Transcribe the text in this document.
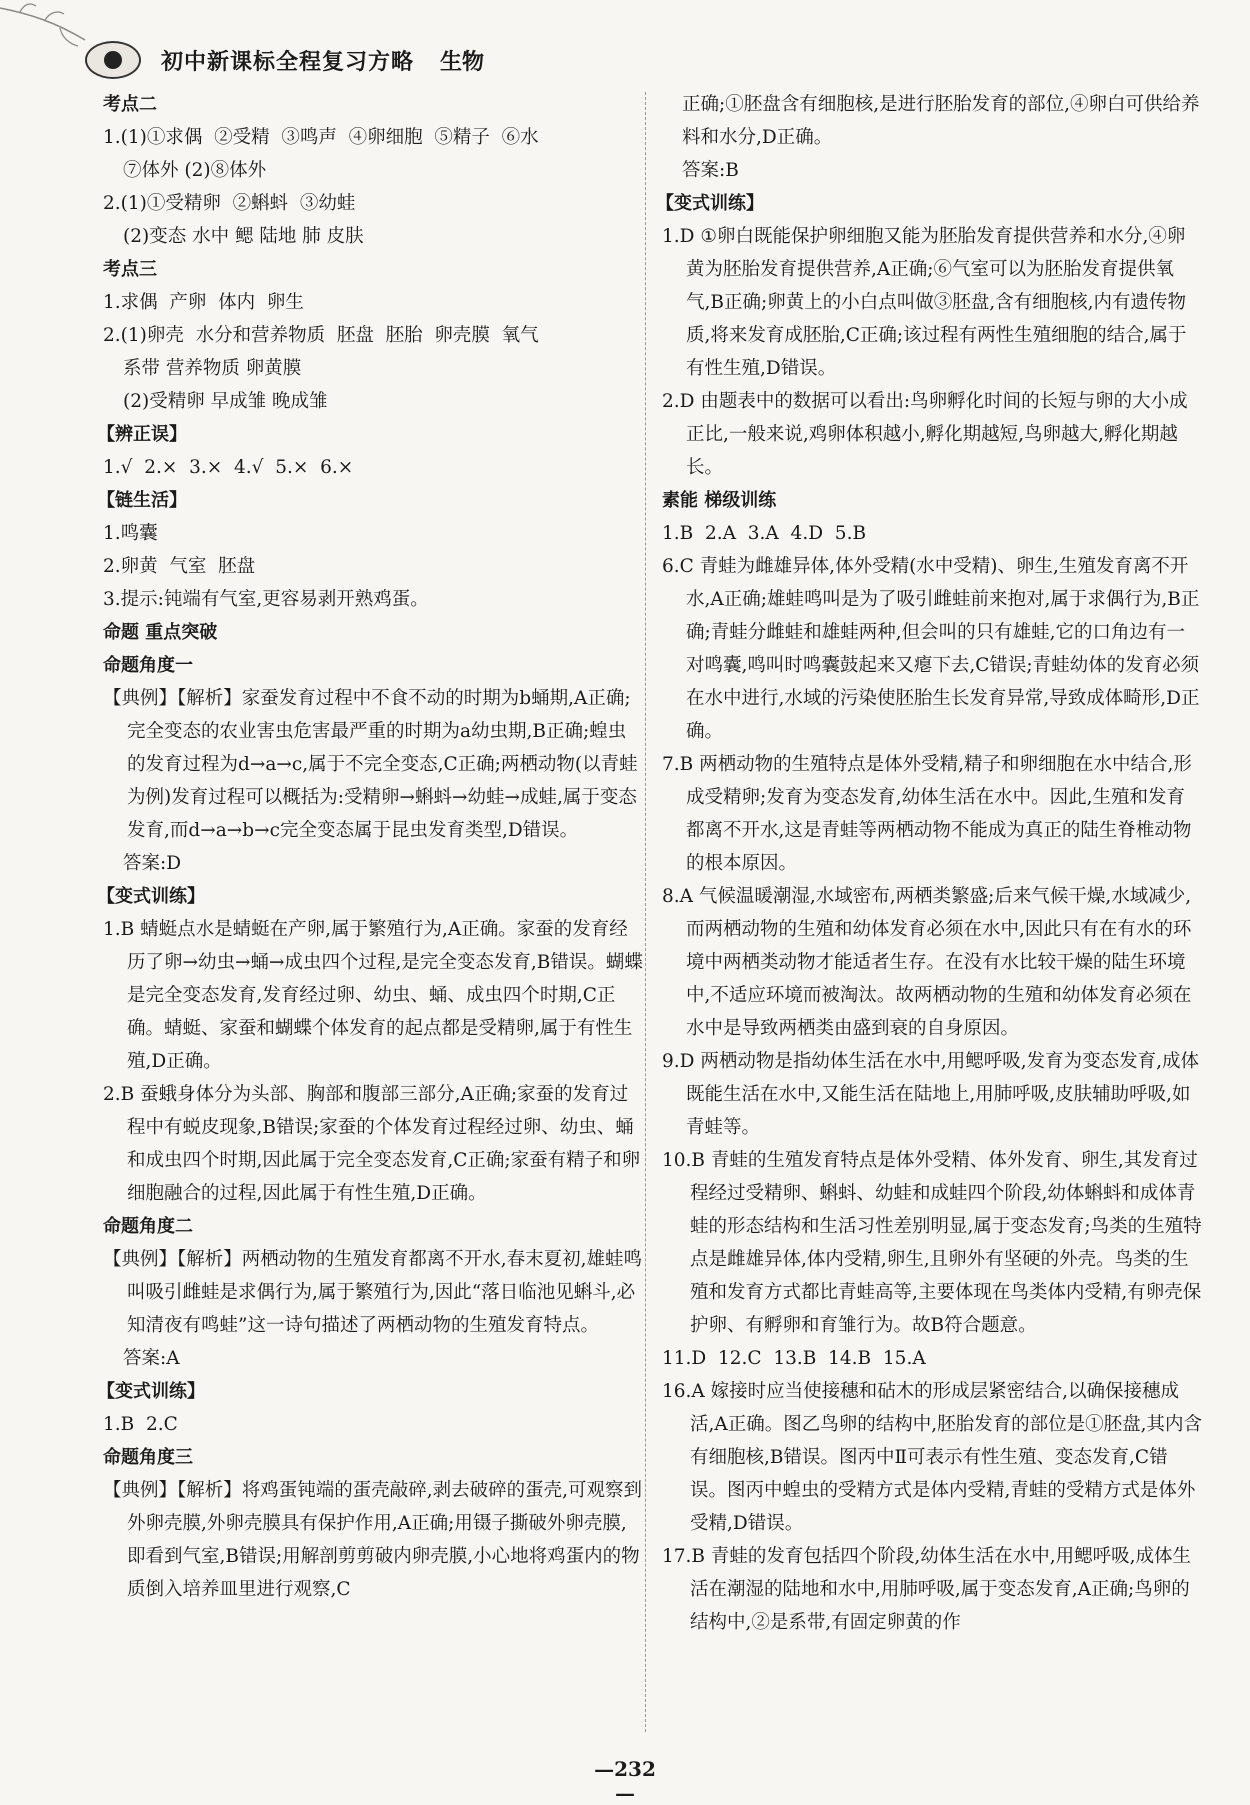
初中新课标全程复习方略 生物
考点二
1.(1)①求偶  ②受精  ③鸣声  ④卵细胞  ⑤精子  ⑥水
⑦体外 (2)⑧体外
2.(1)①受精卵  ②蝌蚪  ③幼蛙
(2)变态 水中 鳃 陆地 肺 皮肤
考点三
1.求偶  产卵  体内  卵生
2.(1)卵壳  水分和营养物质  胚盘  胚胎  卵壳膜  氧气
系带 营养物质 卵黄膜
(2)受精卵 早成雏 晚成雏
【辨正误】
1.√  2.×  3.×  4.√  5.×  6.×
【链生活】
1.鸣囊
2.卵黄  气室  胚盘
3.提示:钝端有气室,更容易剥开熟鸡蛋。
命题 重点突破
命题角度一
【典例】【解析】家蚕发育过程中不食不动的时期为b蛹期,A正确;完全变态的农业害虫危害最严重的时期为a幼虫期,B正确;蝗虫的发育过程为d→a→c,属于不完全变态,C正确;两栖动物(以青蛙为例)发育过程可以概括为:受精卵→蝌蚪→幼蛙→成蛙,属于变态发育,而d→a→b→c完全变态属于昆虫发育类型,D错误。
答案:D
【变式训练】
1.B 蜻蜓点水是蜻蜓在产卵,属于繁殖行为,A正确。家蚕的发育经历了卵→幼虫→蛹→成虫四个过程,是完全变态发育,B错误。蝴蝶是完全变态发育,发育经过卵、幼虫、蛹、成虫四个时期,C正确。蜻蜓、家蚕和蝴蝶个体发育的起点都是受精卵,属于有性生殖,D正确。
2.B 蚕蛾身体分为头部、胸部和腹部三部分,A正确;家蚕的发育过程中有蜕皮现象,B错误;家蚕的个体发育过程经过卵、幼虫、蛹和成虫四个时期,因此属于完全变态发育,C正确;家蚕有精子和卵细胞融合的过程,因此属于有性生殖,D正确。
命题角度二
【典例】【解析】两栖动物的生殖发育都离不开水,春末夏初,雄蛙鸣叫吸引雌蛙是求偶行为,属于繁殖行为,因此“落日临池见蝌斗,必知清夜有鸣蛙”这一诗句描述了两栖动物的生殖发育特点。
答案:A
【变式训练】
1.B  2.C
命题角度三
【典例】【解析】将鸡蛋钝端的蛋壳敲碎,剥去破碎的蛋壳,可观察到外卵壳膜,外卵壳膜具有保护作用,A正确;用镊子撕破外卵壳膜,即看到气室,B错误;用解剖剪剪破内卵壳膜,小心地将鸡蛋内的物质倒入培养皿里进行观察,C
正确;①胚盘含有细胞核,是进行胚胎发育的部位,④卵白可供给养料和水分,D正确。
答案:B
【变式训练】
1.D ①卵白既能保护卵细胞又能为胚胎发育提供营养和水分,④卵黄为胚胎发育提供营养,A正确;⑥气室可以为胚胎发育提供氧气,B正确;卵黄上的小白点叫做③胚盘,含有细胞核,内有遗传物质,将来发育成胚胎,C正确;该过程有两性生殖细胞的结合,属于有性生殖,D错误。
2.D 由题表中的数据可以看出:鸟卵孵化时间的长短与卵的大小成正比,一般来说,鸡卵体积越小,孵化期越短,鸟卵越大,孵化期越长。
素能 梯级训练
1.B  2.A  3.A  4.D  5.B
6.C 青蛙为雌雄异体,体外受精(水中受精)、卵生,生殖发育离不开水,A正确;雄蛙鸣叫是为了吸引雌蛙前来抱对,属于求偶行为,B正确;青蛙分雌蛙和雄蛙两种,但会叫的只有雄蛙,它的口角边有一对鸣囊,鸣叫时鸣囊鼓起来又瘪下去,C错误;青蛙幼体的发育必须在水中进行,水域的污染使胚胎生长发育异常,导致成体畸形,D正确。
7.B 两栖动物的生殖特点是体外受精,精子和卵细胞在水中结合,形成受精卵;发育为变态发育,幼体生活在水中。因此,生殖和发育都离不开水,这是青蛙等两栖动物不能成为真正的陆生脊椎动物的根本原因。
8.A 气候温暖潮湿,水域密布,两栖类繁盛;后来气候干燥,水域减少,而两栖动物的生殖和幼体发育必须在水中,因此只有在有水的环境中两栖类动物才能适者生存。在没有水比较干燥的陆生环境中,不适应环境而被淘汰。故两栖动物的生殖和幼体发育必须在水中是导致两栖类由盛到衰的自身原因。
9.D 两栖动物是指幼体生活在水中,用鳃呼吸,发育为变态发育,成体既能生活在水中,又能生活在陆地上,用肺呼吸,皮肤辅助呼吸,如青蛙等。
10.B 青蛙的生殖发育特点是体外受精、体外发育、卵生,其发育过程经过受精卵、蝌蚪、幼蛙和成蛙四个阶段,幼体蝌蚪和成体青蛙的形态结构和生活习性差别明显,属于变态发育;鸟类的生殖特点是雌雄异体,体内受精,卵生,且卵外有坚硬的外壳。鸟类的生殖和发育方式都比青蛙高等,主要体现在鸟类体内受精,有卵壳保护卵、有孵卵和育雏行为。故B符合题意。
11.D  12.C  13.B  14.B  15.A
16.A 嫁接时应当使接穗和砧木的形成层紧密结合,以确保接穗成活,A正确。图乙鸟卵的结构中,胚胎发育的部位是①胚盘,其内含有细胞核,B错误。图丙中Ⅱ可表示有性生殖、变态发育,C错误。图丙中蝗虫的受精方式是体内受精,青蛙的受精方式是体外受精,D错误。
17.B 青蛙的发育包括四个阶段,幼体生活在水中,用鳃呼吸,成体生活在潮湿的陆地和水中,用肺呼吸,属于变态发育,A正确;鸟卵的结构中,②是系带,有固定卵黄的作
—232—
